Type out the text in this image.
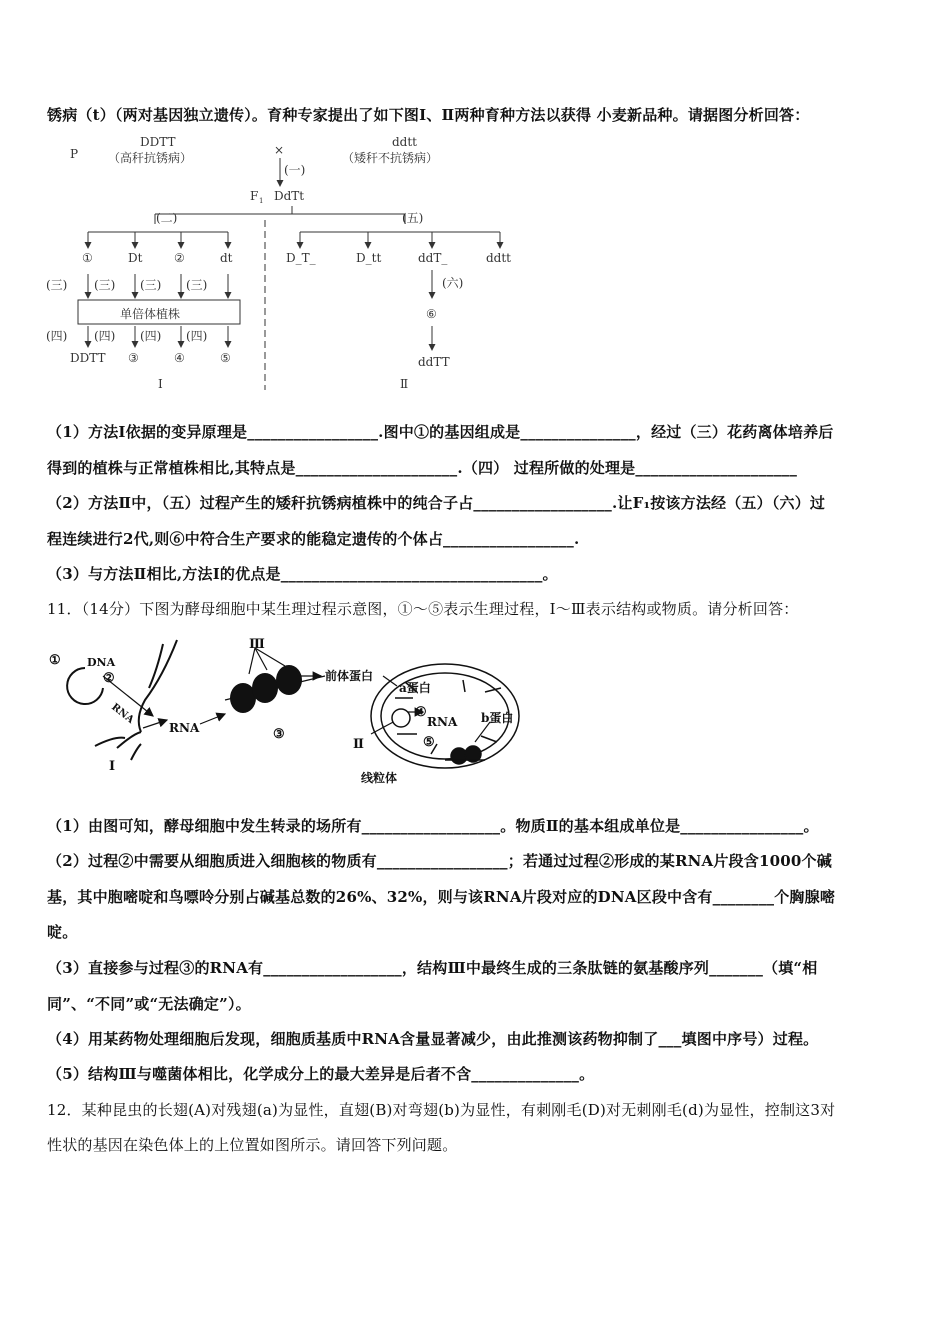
锈病（t）（两对基因独立遗传）。育种专家提出了如下图Ⅰ、Ⅱ两种育种方法以获得 小麦新品种。请据图分析回答：
（1）方法Ⅰ依据的变异原理是_________________.图中①的基因组成是_______________，经过（三）花药离体培养后
得到的植株与正常植株相比,其特点是_____________________.（四） 过程所做的处理是_____________________
（2）方法Ⅱ中，（五）过程产生的矮秆抗锈病植株中的纯合子占__________________.让F₁按该方法经（五）（六）过
程连续进行2代,则⑥中符合生产要求的能稳定遗传的个体占_________________.
（3）与方法Ⅱ相比,方法Ⅰ的优点是__________________________________。
11．（14分）下图为酵母细胞中某生理过程示意图，①～⑤表示生理过程，Ⅰ～Ⅲ表示结构或物质。请分析回答：
（1）由图可知，酵母细胞中发生转录的场所有__________________。物质Ⅱ的基本组成单位是________________。
（2）过程②中需要从细胞质进入细胞核的物质有_________________；若通过过程②形成的某RNA片段含1000个碱
基，其中胞嘧啶和鸟嘌呤分别占碱基总数的26%、32%，则与该RNA片段对应的DNA区段中含有________个胸腺嘧
啶。
（3）直接参与过程③的RNA有__________________，结构Ⅲ中最终生成的三条肽链的氨基酸序列_______（填“相
同”、“不同”或“无法确定”）。
（4）用某药物处理细胞后发现，细胞质基质中RNA含量显著减少，由此推测该药物抑制了___填图中序号）过程。
（5）结构Ⅲ与噬菌体相比，化学成分上的最大差异是后者不含______________。
12．某种昆虫的长翅(A)对残翅(a)为显性，直翅(B)对弯翅(b)为显性，有刺刚毛(D)对无刺刚毛(d)为显性，控制这3对
性状的基因在染色体上的上位置如图所示。请回答下列问题。
P
DDTT
（高秆抗锈病）
×
ddtt
（矮秆不抗锈病）
(一)
F 1 DdTt
(二)	(五)
①	Dt	②	dt
(三) (三) (三) (三)
单倍体植株
(四) (四) (四) (四)
DDTT ③	④	⑤
Ⅰ
D_T_	D_tt	ddT_	ddtt
(六)
⑥
ddTT
Ⅱ
① DNA
②
RNA
RNA
Ⅰ
Ⅲ
③
前体蛋白
a蛋白
④
RNA b蛋白
⑤
Ⅱ
线粒体
